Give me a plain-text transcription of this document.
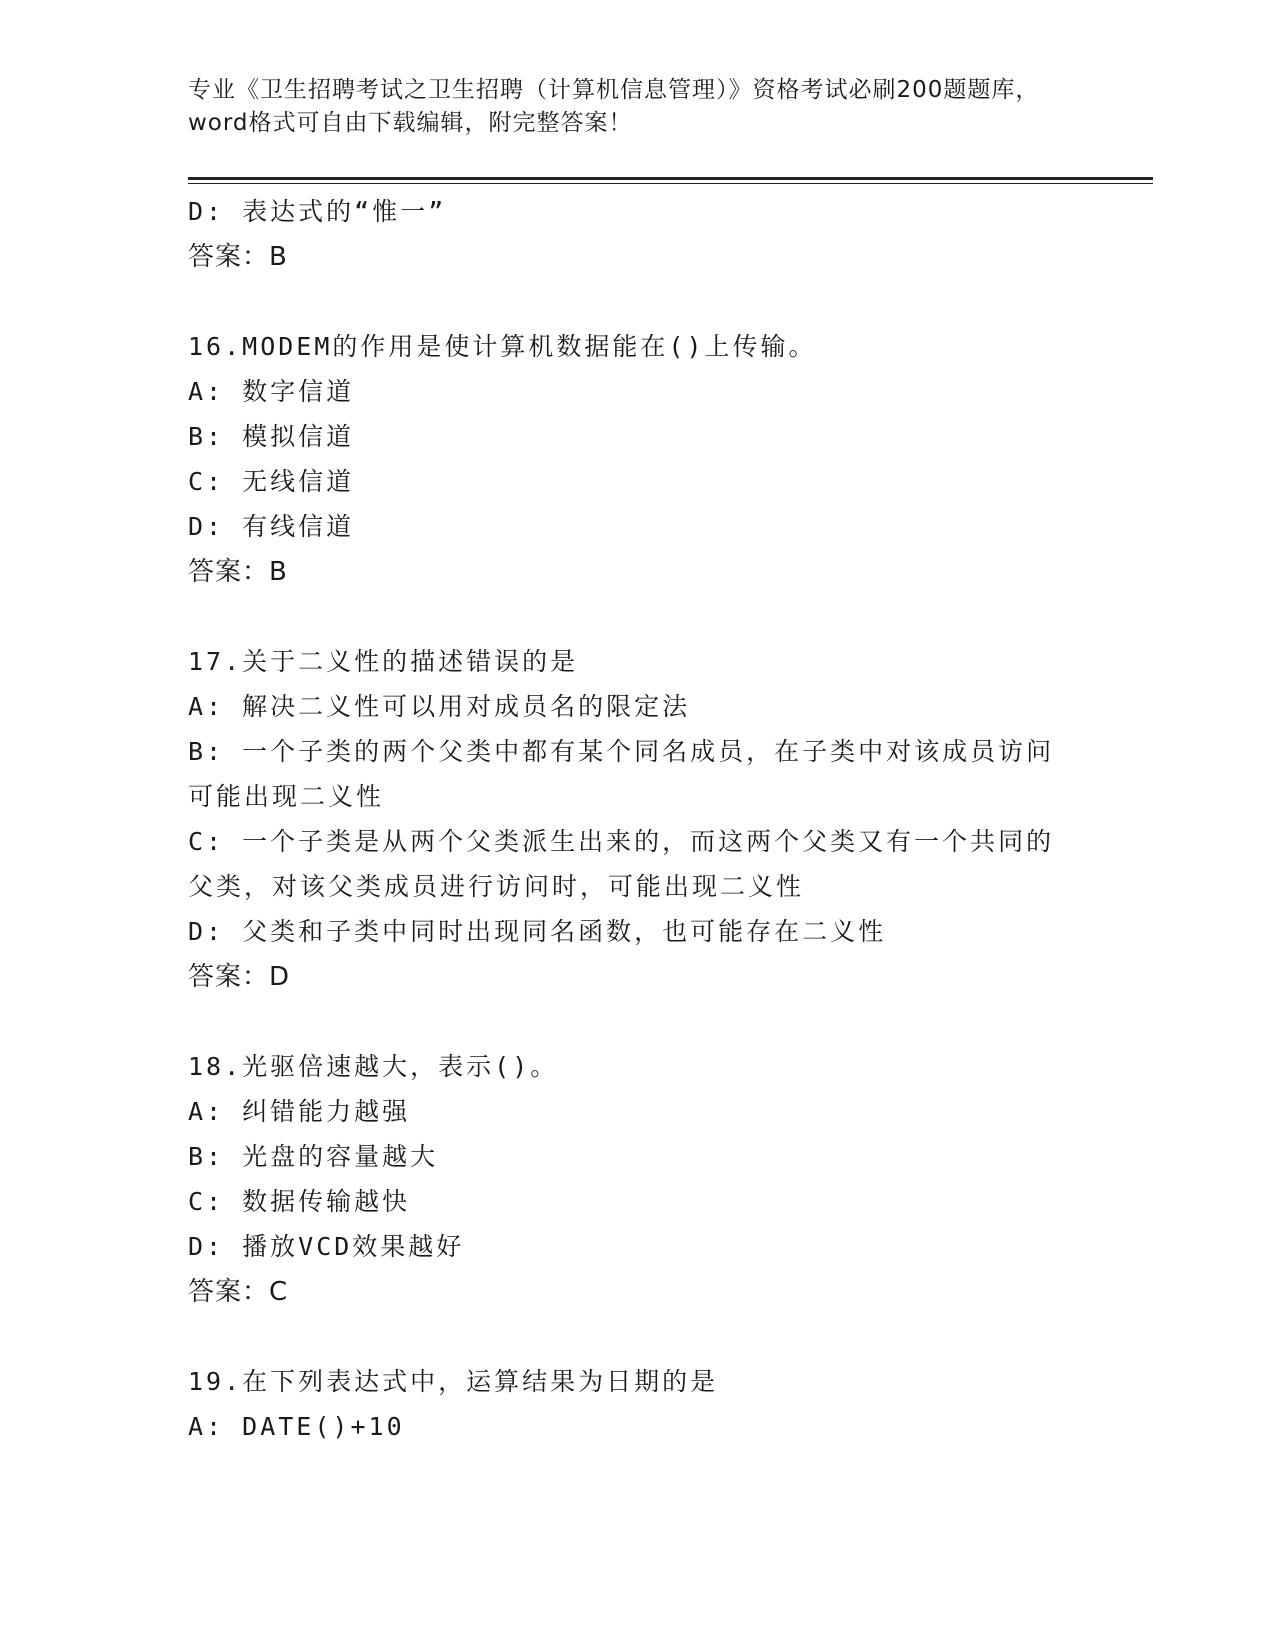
专业《卫生招聘考试之卫生招聘（计算机信息管理）》资格考试必刷200题题库，
word格式可自由下载编辑，附完整答案！
D: 表达式的“惟一”
答案：B
16.MODEM的作用是使计算机数据能在()上传输。
A: 数字信道
B: 模拟信道
C: 无线信道
D: 有线信道
答案：B
17.关于二义性的描述错误的是
A: 解决二义性可以用对成员名的限定法
B: 一个子类的两个父类中都有某个同名成员，在子类中对该成员访问
可能出现二义性
C: 一个子类是从两个父类派生出来的，而这两个父类又有一个共同的
父类，对该父类成员进行访问时，可能出现二义性
D: 父类和子类中同时出现同名函数，也可能存在二义性
答案：D
18.光驱倍速越大，表示()。
A: 纠错能力越强
B: 光盘的容量越大
C: 数据传输越快
D: 播放VCD效果越好
答案：C
19.在下列表达式中，运算结果为日期的是
A: DATE()+10
